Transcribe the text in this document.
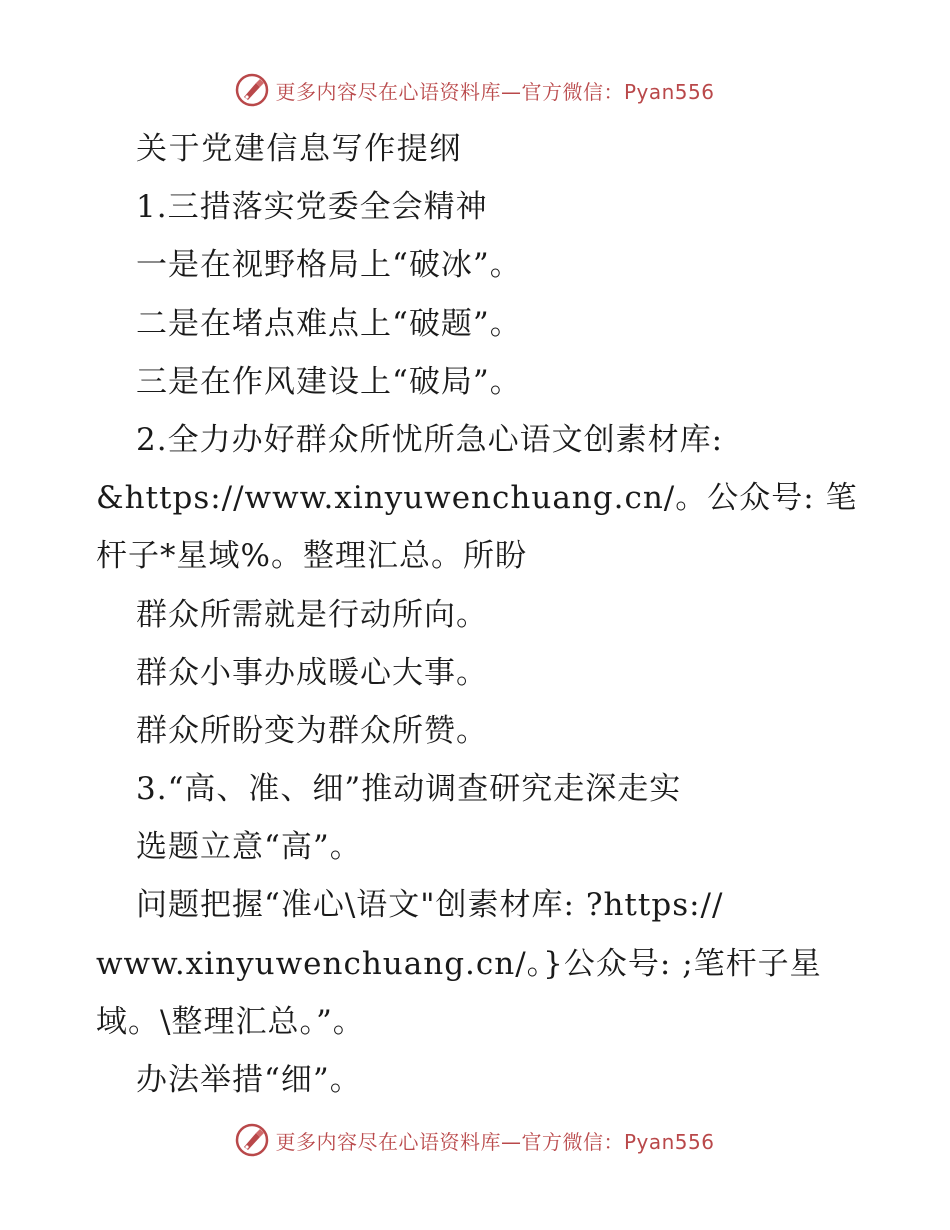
更多内容尽在心语资料库—官方微信：Pyan556
关于党建信息写作提纲
1.三措落实党委全会精神
一是在视野格局上“破冰”。
二是在堵点难点上“破题”。
三是在作风建设上“破局”。
2.全力办好群众所忧所急心语文创素材库:
&https://www.xinyuwenchuang.cn/。公众号: 笔
杆子*星域%。整理汇总。所盼
群众所需就是行动所向。
群众小事办成暖心大事。
群众所盼变为群众所赞。
3.“高、准、细”推动调查研究走深走实
选题立意“高”。
问题把握“准心\语文"创素材库: ?https://
www.xinyuwenchuang.cn/。}公众号: ;笔杆子星
域。\整理汇总。”。
办法举措“细”。
更多内容尽在心语资料库—官方微信：Pyan556
